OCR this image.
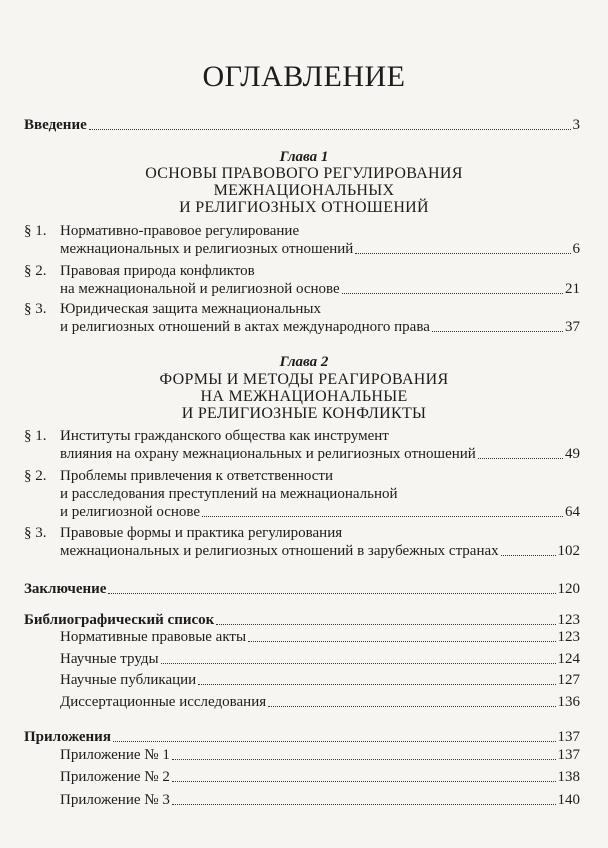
ОГЛАВЛЕНИЕ
Введение	3
Глава 1
ОСНОВЫ ПРАВОВОГО РЕГУЛИРОВАНИЯ
МЕЖНАЦИОНАЛЬНЫХ
И РЕЛИГИОЗНЫХ ОТНОШЕНИЙ
§ 1. Нормативно-правовое регулирование
межнациональных и религиозных отношений	6
§ 2. Правовая природа конфликтов
на межнациональной и религиозной основе	21
§ 3. Юридическая защита межнациональных
и религиозных отношений в актах международного права	37
Глава 2
ФОРМЫ И МЕТОДЫ РЕАГИРОВАНИЯ
НА МЕЖНАЦИОНАЛЬНЫЕ
И РЕЛИГИОЗНЫЕ КОНФЛИКТЫ
§ 1. Институты гражданского общества как инструмент
влияния на охрану межнациональных и религиозных отношений	49
§ 2. Проблемы привлечения к ответственности
и расследования преступлений на межнациональной
и религиозной основе	64
§ 3. Правовые формы и практика регулирования
межнациональных и религиозных отношений в зарубежных странах	102
Заключение	120
Библиографический список	123
Нормативные правовые акты	123
Научные труды	124
Научные публикации	127
Диссертационные исследования	136
Приложения	137
Приложение № 1	137
Приложение № 2	138
Приложение № 3	140
